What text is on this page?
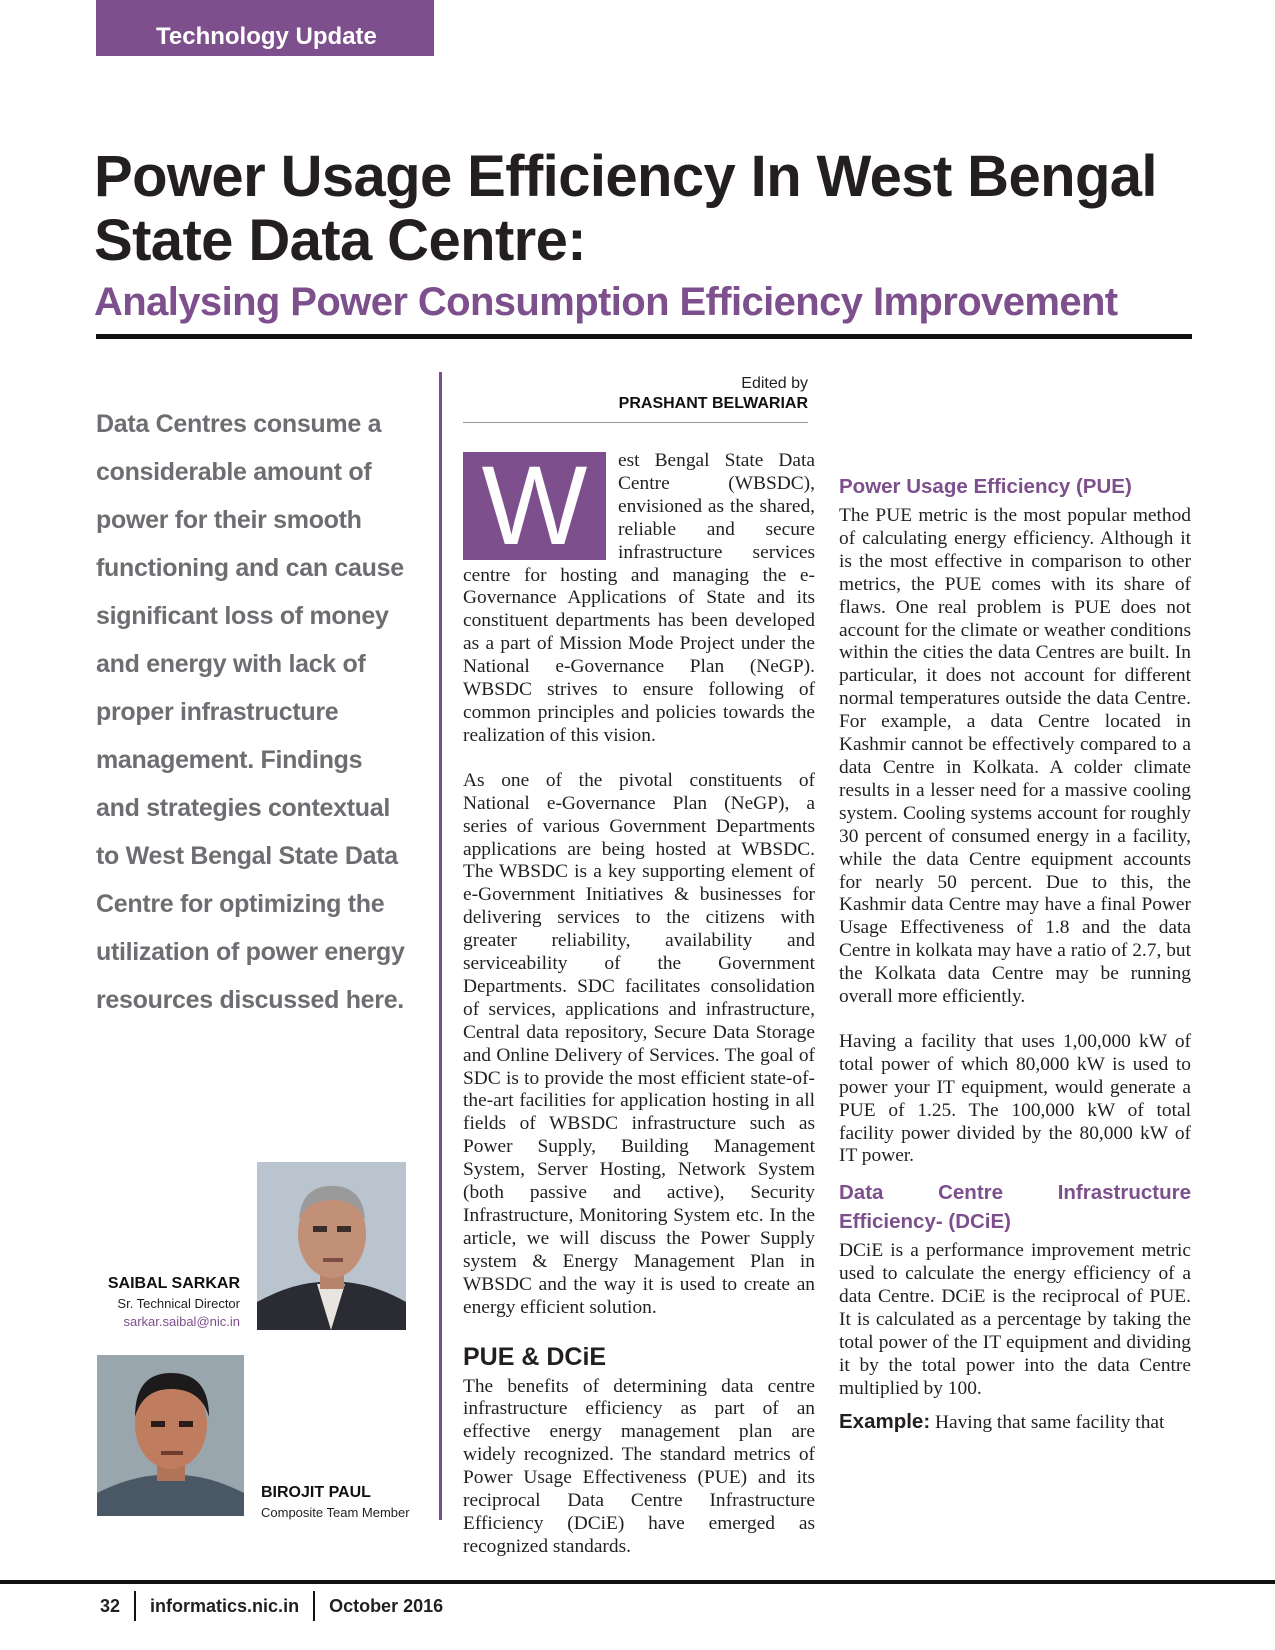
Technology Update
Power Usage Efficiency In West Bengal State Data Centre:
Analysing Power Consumption Efficiency Improvement
Data Centres consume a considerable amount of power for their smooth functioning and can cause significant loss of money and energy with lack of proper infrastructure management. Findings and strategies contextual to West Bengal State Data Centre for optimizing the utilization of power energy resources discussed here.
SAIBAL SARKAR
Sr. Technical Director
sarkar.saibal@nic.in
BIROJIT PAUL
Composite Team Member
Edited by
PRASHANT BELWARIAR

W	est Bengal State Data Centre (WBSDC), envisioned as the shared, reliable and secure infrastructure services centre for hosting and managing the e-Governance Applications of State and its constituent departments has been developed as a part of Mission Mode Project under the National e-Governance Plan (NeGP). WBSDC strives to ensure following of common principles and policies towards the realization of this vision.

As one of the pivotal constituents of National e-Governance Plan (NeGP), a series of various Government Departments applications are being hosted at WBSDC. The WBSDC is a key supporting element of e-Government Initiatives & businesses for delivering services to the citizens with greater reliability, availability and serviceability of the Government Departments. SDC facilitates consolidation of services, applications and infrastructure, Central data repository, Secure Data Storage and Online Delivery of Services. The goal of SDC is to provide the most efficient state-of-the-art facilities for application hosting in all fields of WBSDC infrastructure such as Power Supply, Building Management System, Server Hosting, Network System (both passive and active), Security Infrastructure, Monitoring System etc. In the article, we will discuss the Power Supply system & Energy Management Plan in WBSDC and the way it is used to create an energy efficient solution.

PUE & DCiE

The benefits of determining data centre infrastructure efficiency as part of an effective energy management plan are widely recognized. The standard metrics of Power Usage Effectiveness (PUE) and its reciprocal Data Centre Infrastructure Efficiency (DCiE) have emerged as recognized standards.

Power Usage Efficiency (PUE)

The PUE metric is the most popular method of calculating energy efficiency. Although it is the most effective in comparison to other metrics, the PUE comes with its share of flaws. One real problem is PUE does not account for the climate or weather conditions within the cities the data Centres are built. In particular, it does not account for different normal temperatures outside the data Centre. For example, a data Centre located in Kashmir cannot be effectively compared to a data Centre in Kolkata. A colder climate results in a lesser need for a massive cooling system. Cooling systems account for roughly 30 percent of consumed energy in a facility, while the data Centre equipment accounts for nearly 50 percent. Due to this, the Kashmir data Centre may have a final Power Usage Effectiveness of 1.8 and the data Centre in kolkata may have a ratio of 2.7, but the Kolkata data Centre may be running overall more efficiently.

Having a facility that uses 1,00,000 kW of total power of which 80,000 kW is used to power your IT equipment, would generate a PUE of 1.25. The 100,000 kW of total facility power divided by the 80,000 kW of IT power.

Data Centre Infrastructure Efficiency- (DCiE)

DCiE is a performance improvement metric used to calculate the energy efficiency of a data Centre. DCiE is the reciprocal of PUE. It is calculated as a percentage by taking the total power of the IT equipment and dividing it by the total power into the data Centre multiplied by 100.

Example: Having that same facility that

32 informatics.nic.in October 2016
